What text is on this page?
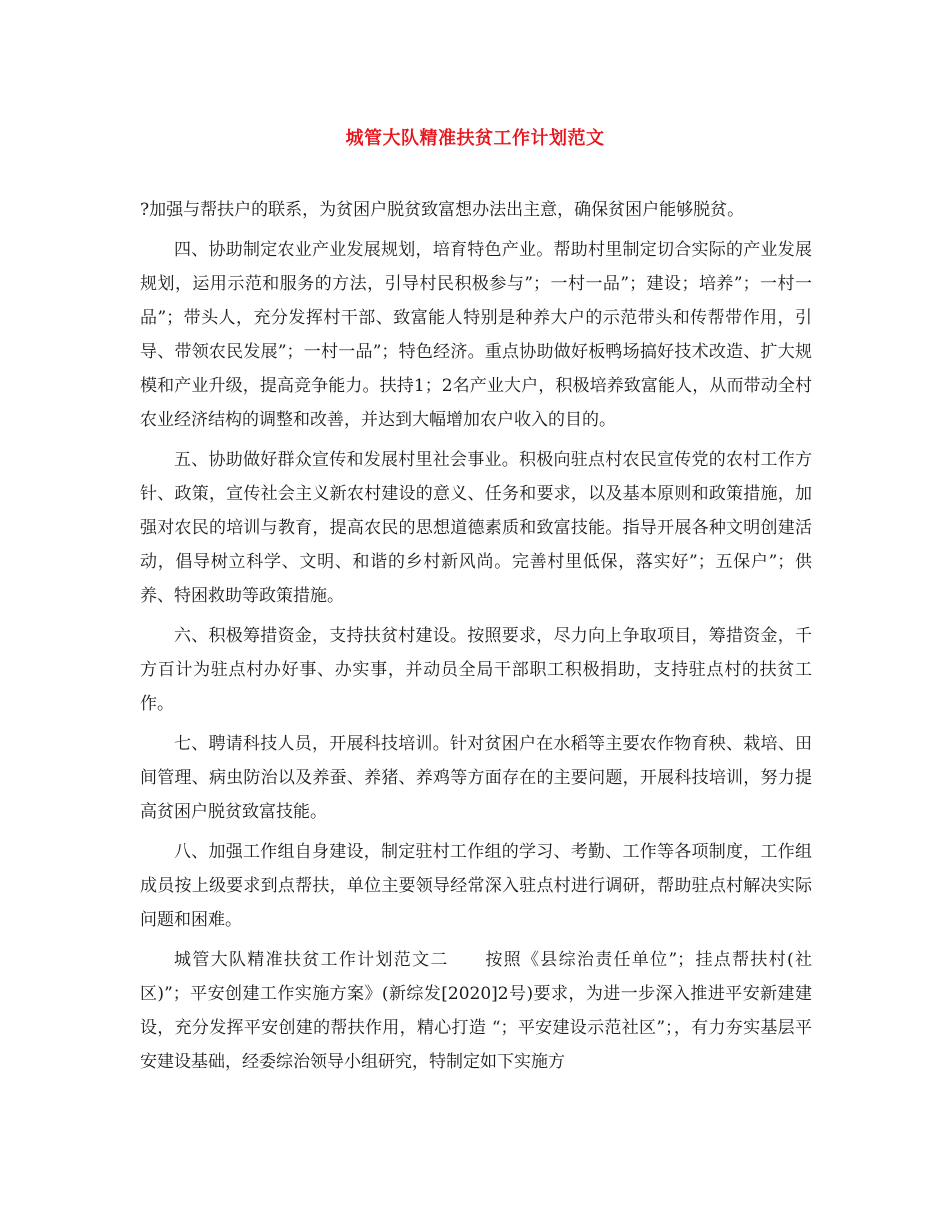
城管大队精准扶贫工作计划范文

?加强与帮扶户的联系，为贫困户脱贫致富想办法出主意，确保贫困户能够脱贫。

四、协助制定农业产业发展规划，培育特色产业。帮助村里制定切合实际的产业发展规划，运用示范和服务的方法，引导村民积极参与”；一村一品”；建设；培养”；一村一品”；带头人，充分发挥村干部、致富能人特别是种养大户的示范带头和传帮带作用，引导、带领农民发展”；一村一品”；特色经济。重点协助做好板鸭场搞好技术改造、扩大规模和产业升级，提高竞争能力。扶持1；2名产业大户，积极培养致富能人，从而带动全村农业经济结构的调整和改善，并达到大幅增加农户收入的目的。

五、协助做好群众宣传和发展村里社会事业。积极向驻点村农民宣传党的农村工作方针、政策，宣传社会主义新农村建设的意义、任务和要求，以及基本原则和政策措施，加强对农民的培训与教育，提高农民的思想道德素质和致富技能。指导开展各种文明创建活动，倡导树立科学、文明、和谐的乡村新风尚。完善村里低保，落实好”；五保户”；供养、特困救助等政策措施。

六、积极筹措资金，支持扶贫村建设。按照要求，尽力向上争取项目，筹措资金，千方百计为驻点村办好事、办实事，并动员全局干部职工积极捐助，支持驻点村的扶贫工作。

七、聘请科技人员，开展科技培训。针对贫困户在水稻等主要农作物育秧、栽培、田间管理、病虫防治以及养蚕、养猪、养鸡等方面存在的主要问题，开展科技培训，努力提高贫困户脱贫致富技能。

八、加强工作组自身建设，制定驻村工作组的学习、考勤、工作等各项制度，工作组成员按上级要求到点帮扶，单位主要领导经常深入驻点村进行调研，帮助驻点村解决实际问题和困难。

城管大队精准扶贫工作计划范文二　　按照《县综治责任单位”；挂点帮扶村(社区)”；平安创建工作实施方案》(新综发[2020]2号)要求，为进一步深入推进平安新建建设，充分发挥平安创建的帮扶作用，精心打造 “；平安建设示范社区”；，有力夯实基层平安建设基础，经委综治领导小组研究，特制定如下实施方
